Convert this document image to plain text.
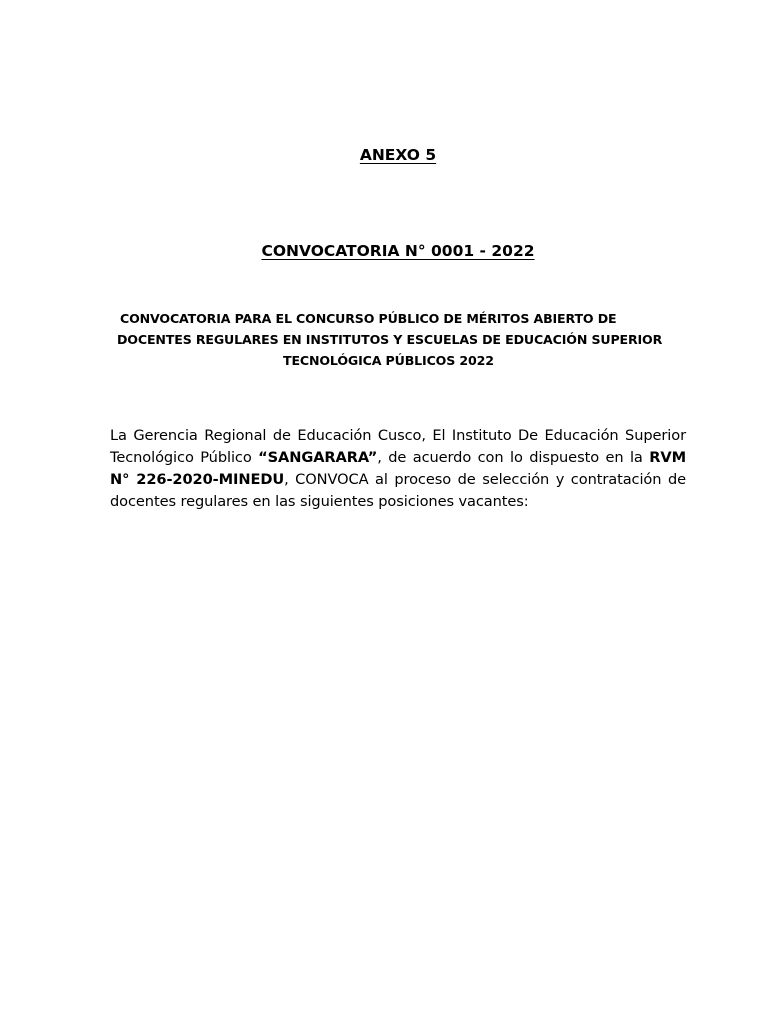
ANEXO 5
CONVOCATORIA N° 0001 - 2022
CONVOCATORIA PARA EL CONCURSO PÚBLICO DE MÉRITOS ABIERTO DE
DOCENTES REGULARES EN INSTITUTOS Y ESCUELAS DE EDUCACIÓN SUPERIOR
TECNOLÓGICA PÚBLICOS 2022

La Gerencia Regional de Educación Cusco, El Instituto De Educación Superior Tecnológico Público “SANGARARA”, de acuerdo con lo dispuesto en la RVM N° 226-2020-MINEDU, CONVOCA al proceso de selección y contratación de docentes regulares en las siguientes posiciones vacantes:
